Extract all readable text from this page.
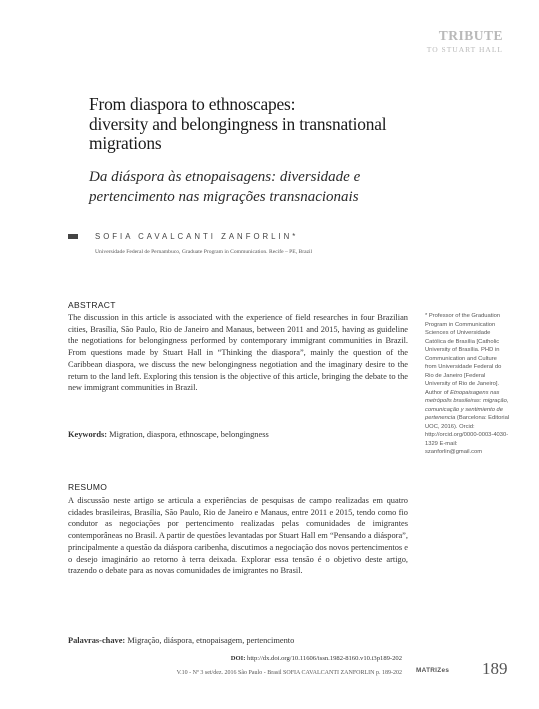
TRIBUTE
TO STUART HALL
From diaspora to ethnoscapes:
diversity and belongingness in transnational
migrations
Da diáspora às etnopaisagens: diversidade e
pertencimento nas migrações transnacionais
SOFIA CAVALCANTI ZANFORLIN*
Universidade Federal de Pernambuco, Graduate Program in Communication. Recife – PE, Brazil
ABSTRACT
The discussion in this article is associated with the experience of field researches in four Brazilian cities, Brasília, São Paulo, Rio de Janeiro and Manaus, between 2011 and 2015, having as guideline the negotiations for belongingness performed by contemporary immigrant communities in Brazil. From questions made by Stuart Hall in “Thinking the diaspora”, mainly the question of the Caribbean diaspora, we discuss the new belongingness negotiation and the imaginary desire to the return to the land left. Exploring this tension is the objective of this article, bringing the debate to the new immigrant communities in Brazil.
Keywords: Migration, diaspora, ethnoscape, belongingness
RESUMO
A discussão neste artigo se articula a experiências de pesquisas de campo realizadas em quatro cidades brasileiras, Brasília, São Paulo, Rio de Janeiro e Manaus, entre 2011 e 2015, tendo como fio condutor as negociações por pertencimento realizadas pelas comunidades de imigrantes contemporâneas no Brasil. A partir de questões levantadas por Stuart Hall em “Pensando a diáspora”, principalmente a questão da diáspora caribenha, discutimos a negociação dos novos pertencimentos e o desejo imaginário ao retorno à terra deixada. Explorar essa tensão é o objetivo deste artigo, trazendo o debate para as novas comunidades de imigrantes no Brasil.
Palavras-chave: Migração, diáspora, etnopaisagem, pertencimento
* Professor of the Graduation Program in Communication Sciences of Universidade Católica de Brasília [Catholic University of Brasília. PHD in Communication and Culture from Universidade Federal do Rio de Janeiro [Federal University of Rio de Janeiro]. Author of Etnopaisagens nas metrópolis brasileiras: migração, comunicação y sentimiento de pertenencia (Barcelona: Editorial UOC, 2016). Orcid: http://orcid.org/0000-0003-4030-1329 E-mail: szanforlin@gmail.com
DOI: http://dx.doi.org/10.11606/issn.1982-8160.v10.i3p189-202
V.10 - Nº 3 set/dez. 2016 São Paulo - Brasil SOFIA CAVALCANTI ZANFORLIN p. 189-202 MATRIZes 189
